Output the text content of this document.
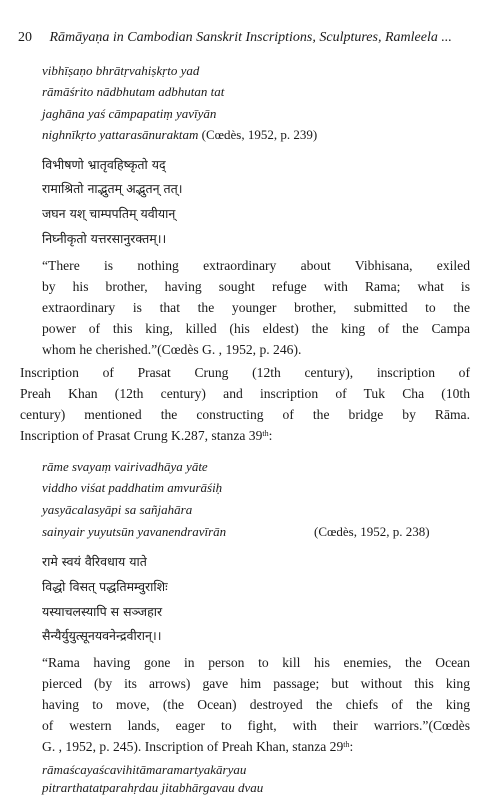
20 Rāmāyaṇa in Cambodian Sanskrit Inscriptions, Sculptures, Ramleela ...
vibhīṣaṇo bhrātṛvahiṣkṛto yad
rāmāśrito nādbhutam adbhutan tat
jaghāna yaś cāmpapatiṃ yavīyān
nighnīkṛto yattarasānuraktam (Cœdès, 1952, p. 239)
विभीषणो भ्रातृवहिष्कृतो यद्
रामाश्रितो नाद्भुतम् अद्भुतन् तत्।
जघन यश् चाम्पपतिम् यवीयान्
निघ्नीकृतो यत्तरसानुरक्तम्।।
“There is nothing extraordinary about Vibhisana, exiled
by his brother, having sought refuge with Rama; what is
extraordinary is that the younger brother, submitted to the
power of this king, killed (his eldest) the king of the Campa
whom he cherished.”(Cœdès G. , 1952, p. 246).
Inscription of Prasat Crung (12th century), inscription of
Preah Khan (12th century) and inscription of Tuk Cha (10th
century) mentioned the constructing of the bridge by Rāma.
Inscription of Prasat Crung K.287, stanza 39th:
rāme svayaṃ vairivadhāya yāte
viddho viśat paddhatim amvurāśiḥ
yasyācalasyāpi sa sañjahāra
sainyair yuyutsūn yavanendravīrān	(Cœdès, 1952, p. 238)
रामे स्वयं वैरिवधाय याते
विद्धो विसत् पद्धतिमम्वुराशिः
यस्याचलस्यापि स सञ्जहार
सैन्यैर्युयुत्सूनयवनेन्द्रवीरान्।।
“Rama having gone in person to kill his enemies, the Ocean
pierced (by its arrows) gave him passage; but without this king
having to move, (the Ocean) destroyed the chiefs of the king
of western lands, eager to fight, with their warriors.”(Cœdès
G. , 1952, p. 245). Inscription of Preah Khan, stanza 29th:
rāmaścayaścavihitāmaramartyakāryau
pitrarthatatparahṛdau jitabhārgavau dvau
